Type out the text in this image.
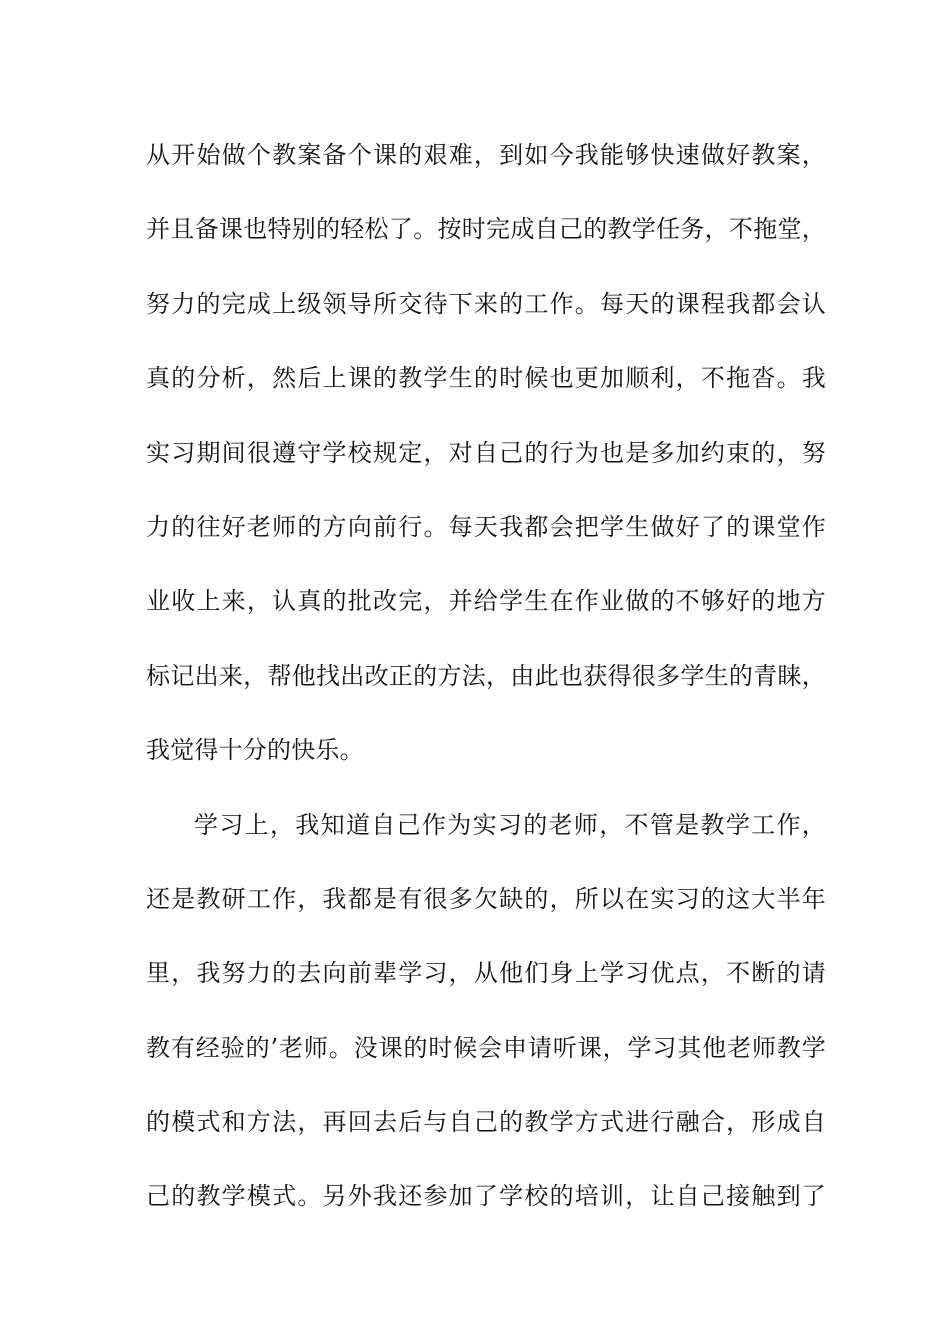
从开始做个教案备个课的艰难，到如今我能够快速做好教案，
并且备课也特别的轻松了。按时完成自己的教学任务，不拖堂，
努力的完成上级领导所交待下来的工作。每天的课程我都会认
真的分析，然后上课的教学生的时候也更加顺利，不拖沓。我
实习期间很遵守学校规定，对自己的行为也是多加约束的，努
力的往好老师的方向前行。每天我都会把学生做好了的课堂作
业收上来，认真的批改完，并给学生在作业做的不够好的地方
标记出来，帮他找出改正的方法，由此也获得很多学生的青睐，
我觉得十分的快乐。
学习上，我知道自己作为实习的老师，不管是教学工作，
还是教研工作，我都是有很多欠缺的，所以在实习的这大半年
里，我努力的去向前辈学习，从他们身上学习优点，不断的请
教有经验的’老师。没课的时候会申请听课，学习其他老师教学
的模式和方法，再回去后与自己的教学方式进行融合，形成自
己的教学模式。另外我还参加了学校的培训，让自己接触到了
